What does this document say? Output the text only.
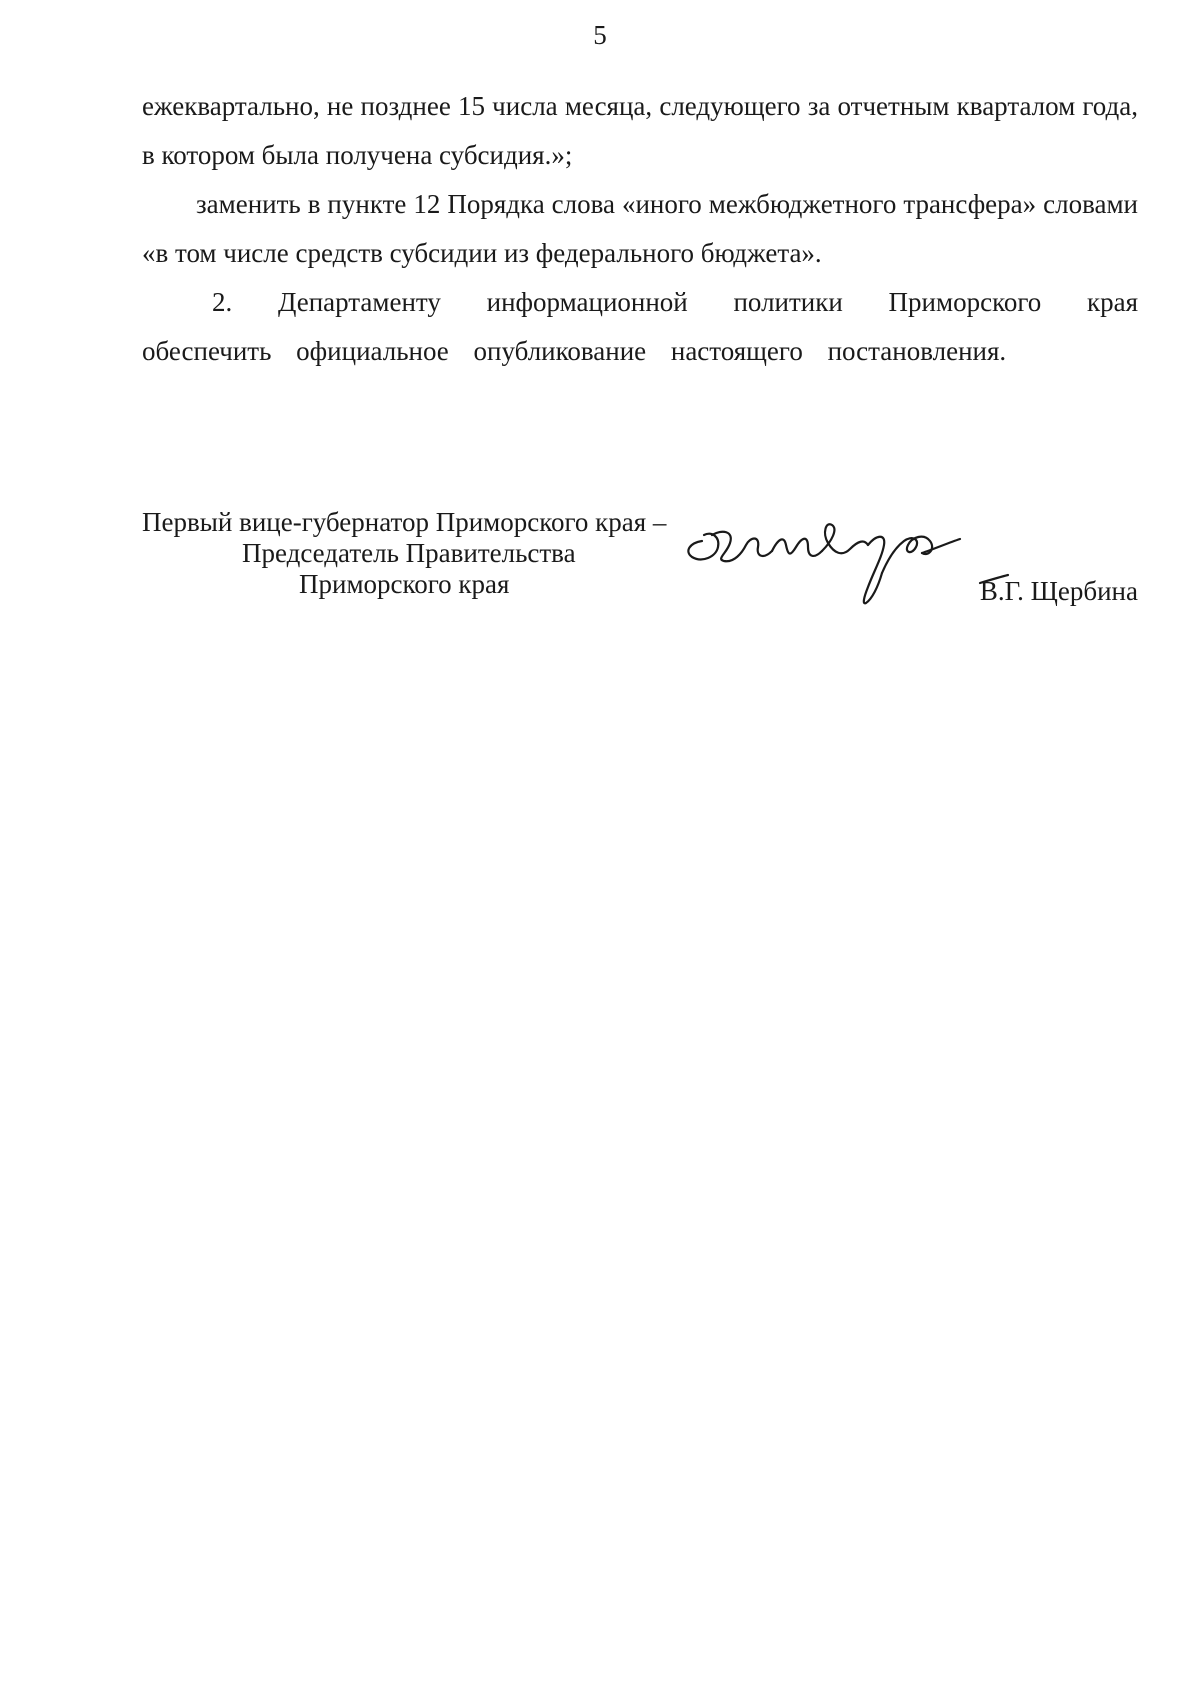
5

ежеквартально, не позднее 15 числа месяца, следующего за отчетным кварталом года, в котором была получена субсидия.»;

заменить в пункте 12 Порядка слова «иного межбюджетного трансфера» словами «в том числе средств субсидии из федерального бюджета».

2. Департаменту информационной политики Приморского края обеспечить официальное опубликование настоящего постановления.

Первый вице-губернатор Приморского края –
Председатель Правительства
Приморского края	В.Г. Щербина
